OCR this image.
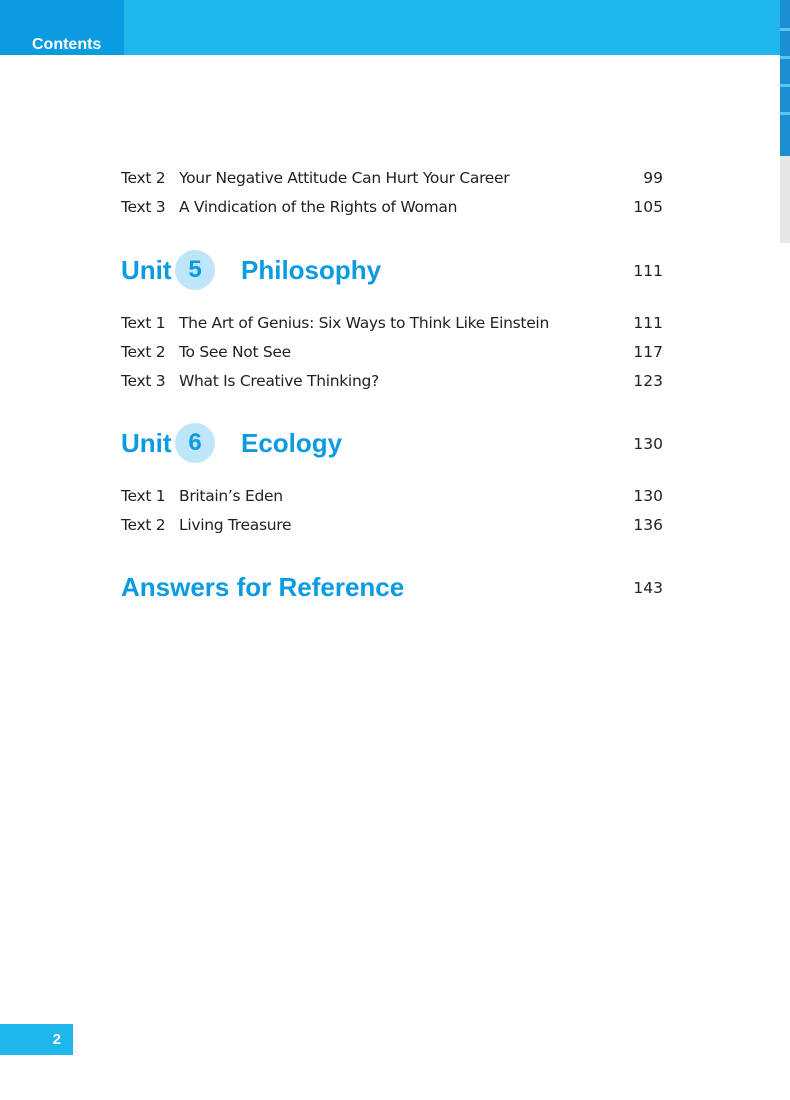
Contents
Text 2 Your Negative Attitude Can Hurt Your Career	99
Text 3 A Vindication of the Rights of Woman	105
Unit 5	Philosophy	111
Text 1 The Art of Genius: Six Ways to Think Like Einstein	111
Text 2 To See Not See	117
Text 3 What Is Creative Thinking?	123
Unit 6	Ecology	130
Text 1 Britain’s Eden	130
Text 2 Living Treasure	136
Answers for Reference	143
2
